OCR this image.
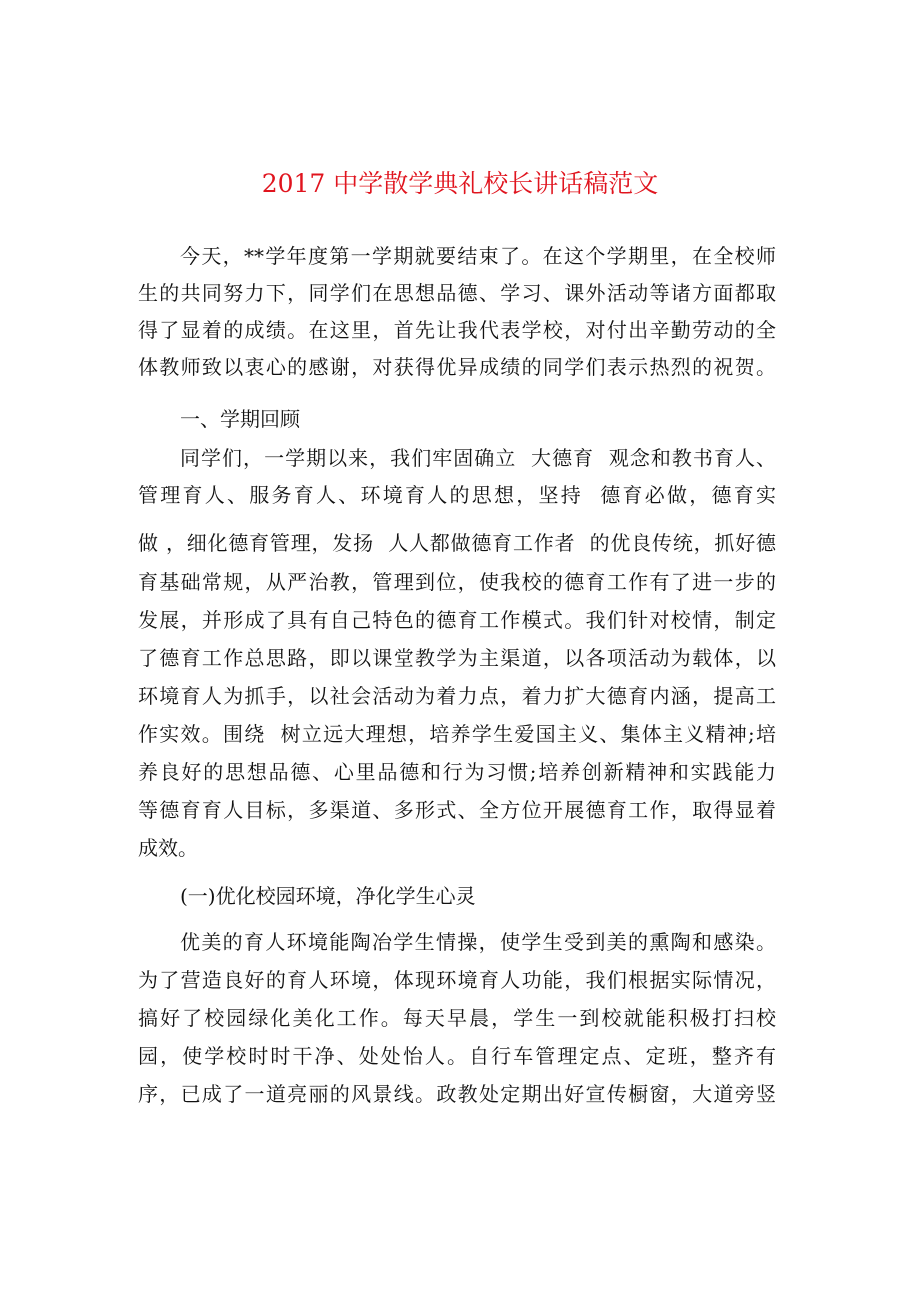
2017 中学散学典礼校长讲话稿范文
今天，**学年度第一学期就要结束了。在这个学期里，在全校师
生的共同努力下，同学们在思想品德、学习、课外活动等诸方面都取
得了显着的成绩。在这里，首先让我代表学校，对付出辛勤劳动的全
体教师致以衷心的感谢，对获得优异成绩的同学们表示热烈的祝贺。
一、学期回顾
同学们，一学期以来，我们牢固确立  大德育  观念和教书育人、
管理育人、服务育人、环境育人的思想，坚持  德育必做，德育实
做 ，细化德育管理，发扬  人人都做德育工作者  的优良传统，抓好德
育基础常规，从严治教，管理到位，使我校的德育工作有了进一步的
发展，并形成了具有自己特色的德育工作模式。我们针对校情，制定
了德育工作总思路，即以课堂教学为主渠道，以各项活动为载体，以
环境育人为抓手，以社会活动为着力点，着力扩大德育内涵，提高工
作实效。围绕  树立远大理想，培养学生爱国主义、集体主义精神;培
养良好的思想品德、心里品德和行为习惯;培养创新精神和实践能力
等德育育人目标，多渠道、多形式、全方位开展德育工作，取得显着
成效。
(一)优化校园环境，净化学生心灵
优美的育人环境能陶冶学生情操，使学生受到美的熏陶和感染。
为了营造良好的育人环境，体现环境育人功能，我们根据实际情况，
搞好了校园绿化美化工作。每天早晨，学生一到校就能积极打扫校
园，使学校时时干净、处处怡人。自行车管理定点、定班，整齐有
序，已成了一道亮丽的风景线。政教处定期出好宣传橱窗，大道旁竖
